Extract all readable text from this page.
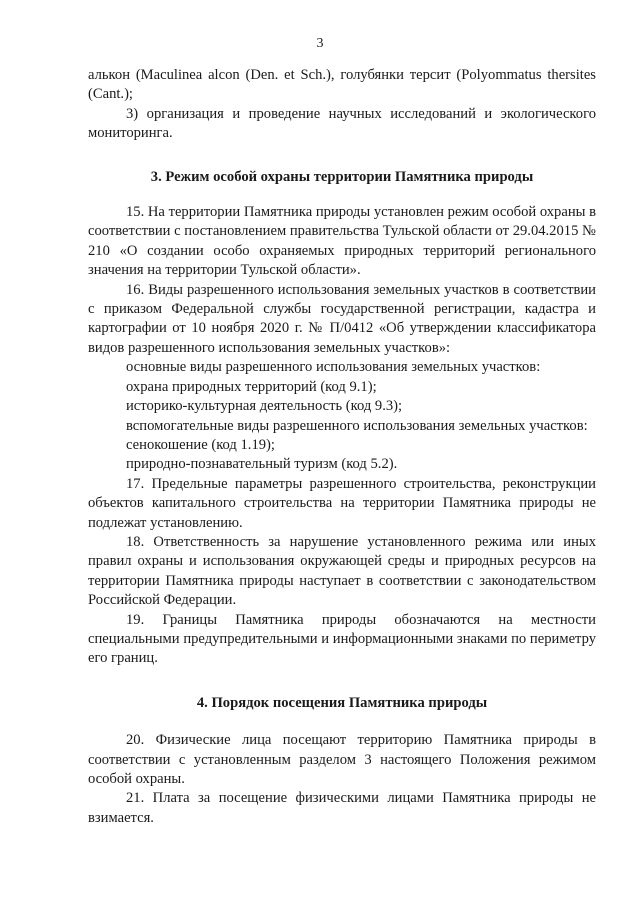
3

алькон (Maculinea alcon (Den. et Sch.), голубянки терсит (Polyommatus thersites (Cant.);

3) организация и проведение научных исследований и экологического мониторинга.

3. Режим особой охраны территории Памятника природы

15. На территории Памятника природы установлен режим особой охраны в соответствии с постановлением правительства Тульской области от 29.04.2015 № 210 «О создании особо охраняемых природных территорий регионального значения на территории Тульской области».

16. Виды разрешенного использования земельных участков в соответствии с приказом Федеральной службы государственной регистрации, кадастра и картографии от 10 ноября 2020 г. № П/0412 «Об утверждении классификатора видов разрешенного использования земельных участков»:

основные виды разрешенного использования земельных участков:

охрана природных территорий (код 9.1);

историко-культурная деятельность (код 9.3);

вспомогательные виды разрешенного использования земельных участков:

сенокошение (код 1.19);

природно-познавательный туризм (код 5.2).

17. Предельные параметры разрешенного строительства, реконструкции объектов капитального строительства на территории Памятника природы не подлежат установлению.

18. Ответственность за нарушение установленного режима или иных правил охраны и использования окружающей среды и природных ресурсов на территории Памятника природы наступает в соответствии с законодательством Российской Федерации.

19. Границы Памятника природы обозначаются на местности специальными предупредительными и информационными знаками по периметру его границ.

4. Порядок посещения Памятника природы

20. Физические лица посещают территорию Памятника природы в соответствии с установленным разделом 3 настоящего Положения режимом особой охраны.

21. Плата за посещение физическими лицами Памятника природы не взимается.
